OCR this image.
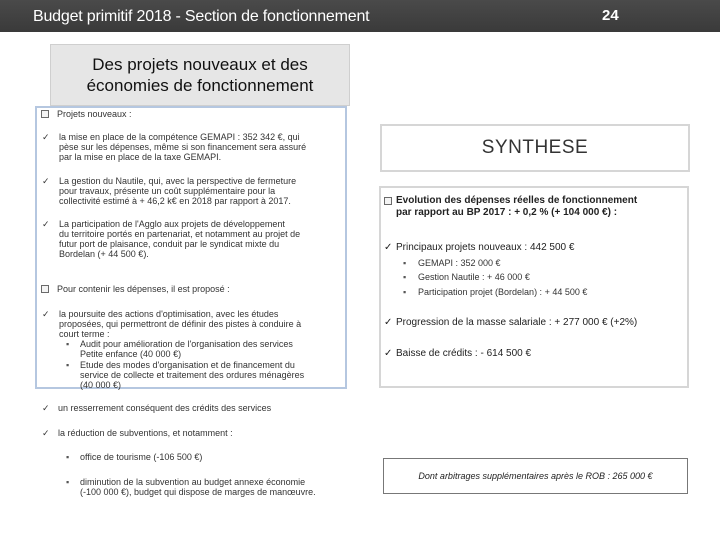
Budget primitif 2018 - Section de fonctionnement	24
Des projets nouveaux et des
économies de fonctionnement
Projets nouveaux :
✓ la mise en place de la compétence GEMAPI : 352 342 €, qui
pèse sur les dépenses, même si son financement sera assuré
par la mise en place de la taxe GEMAPI.
✓ La gestion du Nautile, qui, avec la perspective de fermeture
pour travaux, présente un coût supplémentaire pour la
collectivité estimé à + 46,2 k€ en 2018 par rapport à 2017.
✓ La participation de l'Agglo aux projets de développement
du territoire portés en partenariat, et notamment au projet de
futur port de plaisance, conduit par le syndicat mixte du
Bordelan (+ 44 500 €).
Pour contenir les dépenses, il est proposé :
✓ la poursuite des actions d'optimisation, avec les études
proposées, qui permettront de définir des pistes à conduire à
court terme :
▪ Audit pour amélioration de l'organisation des services
Petite enfance (40 000 €)
▪ Etude des modes d'organisation et de financement du
service de collecte et traitement des ordures ménagères
(40 000 €)
✓ un resserrement conséquent des crédits des services
✓ la réduction de subventions, et notamment :
▪ office de tourisme (-106 500 €)
▪ diminution de la subvention au budget annexe économie
(-100 000 €), budget qui dispose de marges de manœuvre.
SYNTHESE
Evolution des dépenses réelles de fonctionnement
par rapport au BP 2017 : + 0,2 % (+ 104 000 €) :
✓ Principaux projets nouveaux : 442 500 €
▪ GEMAPI : 352 000 €
▪ Gestion Nautile : + 46 000 €
▪ Participation projet (Bordelan) : + 44 500 €
✓ Progression de la masse salariale : + 277 000 € (+2%)
✓ Baisse de crédits : - 614 500 €
Dont arbitrages supplémentaires après le ROB : 265 000 €
